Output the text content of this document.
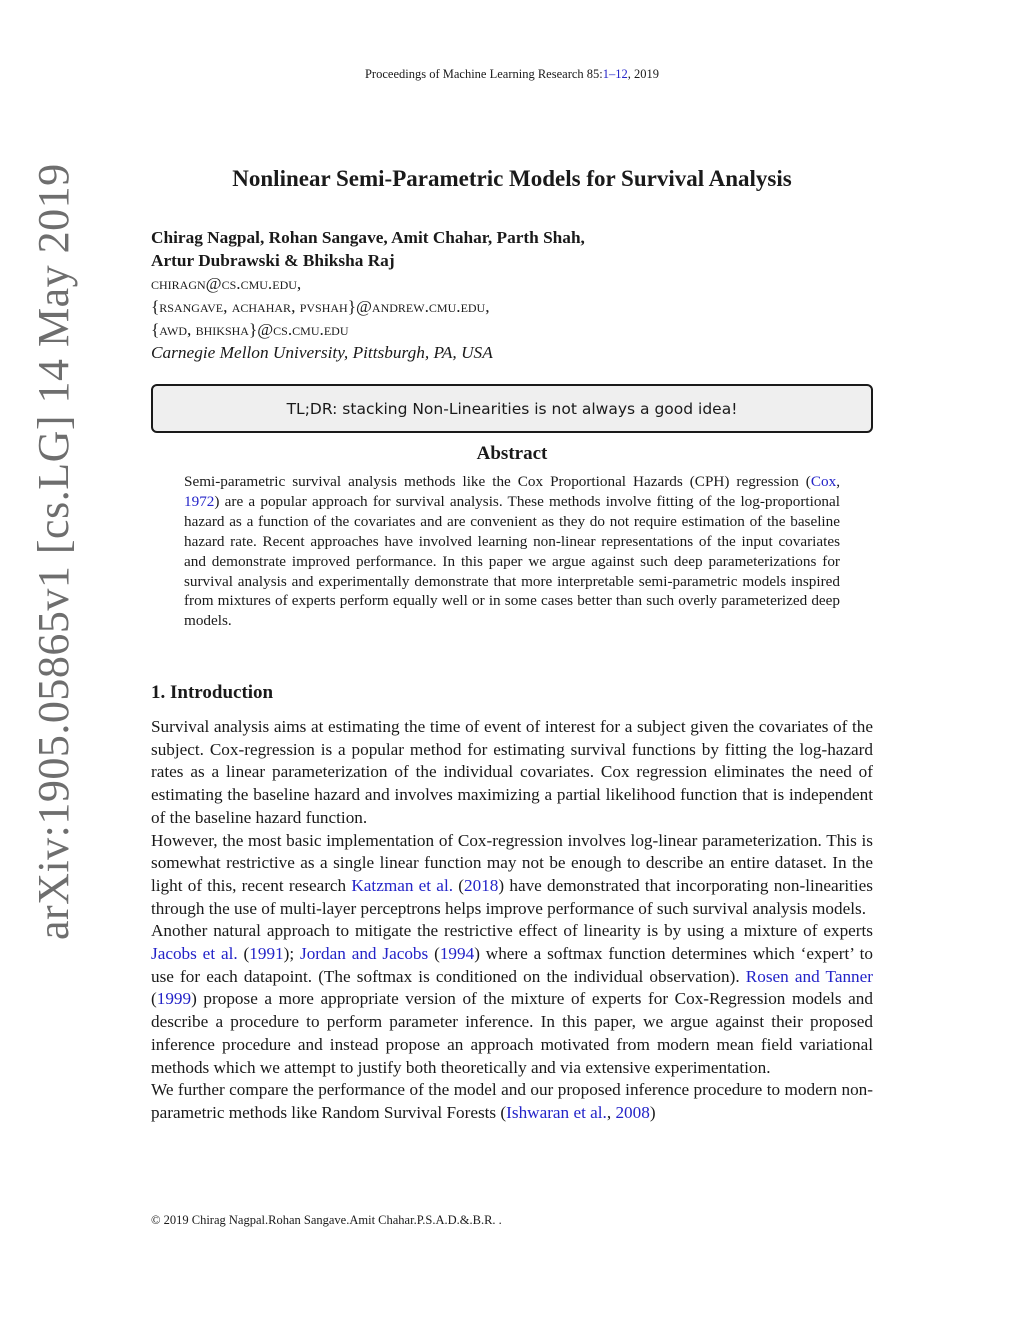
arXiv:1905.05865v1 [cs.LG] 14 May 2019
Proceedings of Machine Learning Research 85:1–12, 2019
Nonlinear Semi-Parametric Models for Survival Analysis
Chirag Nagpal, Rohan Sangave, Amit Chahar, Parth Shah,
Artur Dubrawski & Bhiksha Raj
chiragn@cs.cmu.edu,
{rsangave, achahar, pvshah}@andrew.cmu.edu,
{awd, bhiksha}@cs.cmu.edu
Carnegie Mellon University, Pittsburgh, PA, USA
TL;DR: stacking Non-Linearities is not always a good idea!
Abstract

Semi-parametric survival analysis methods like the Cox Proportional Hazards (CPH) regression (Cox, 1972) are a popular approach for survival analysis. These methods involve fitting of the log-proportional hazard as a function of the covariates and are convenient as they do not require estimation of the baseline hazard rate. Recent approaches have involved learning non-linear representations of the input covariates and demonstrate improved performance. In this paper we argue against such deep parameterizations for survival analysis and experimentally demonstrate that more interpretable semi-parametric models inspired from mixtures of experts perform equally well or in some cases better than such overly parameterized deep models.

1. Introduction

Survival analysis aims at estimating the time of event of interest for a subject given the covariates of the subject. Cox-regression is a popular method for estimating survival functions by fitting the log-hazard rates as a linear parameterization of the individual covariates. Cox regression eliminates the need of estimating the baseline hazard and involves maximizing a partial likelihood function that is independent of the baseline hazard function.

However, the most basic implementation of Cox-regression involves log-linear parameterization. This is somewhat restrictive as a single linear function may not be enough to describe an entire dataset. In the light of this, recent research Katzman et al. (2018) have demonstrated that incorporating non-linearities through the use of multi-layer perceptrons helps improve performance of such survival analysis models.

Another natural approach to mitigate the restrictive effect of linearity is by using a mixture of experts Jacobs et al. (1991); Jordan and Jacobs (1994) where a softmax function determines which ‘expert’ to use for each datapoint. (The softmax is conditioned on the individual observation). Rosen and Tanner (1999) propose a more appropriate version of the mixture of experts for Cox-Regression models and describe a procedure to perform parameter inference. In this paper, we argue against their proposed inference procedure and instead propose an approach motivated from modern mean field variational methods which we attempt to justify both theoretically and via extensive experimentation.

We further compare the performance of the model and our proposed inference procedure to modern non-parametric methods like Random Survival Forests (Ishwaran et al., 2008)

© 2019 Chirag Nagpal.Rohan Sangave.Amit Chahar.P.S.A.D.&.B.R. .
